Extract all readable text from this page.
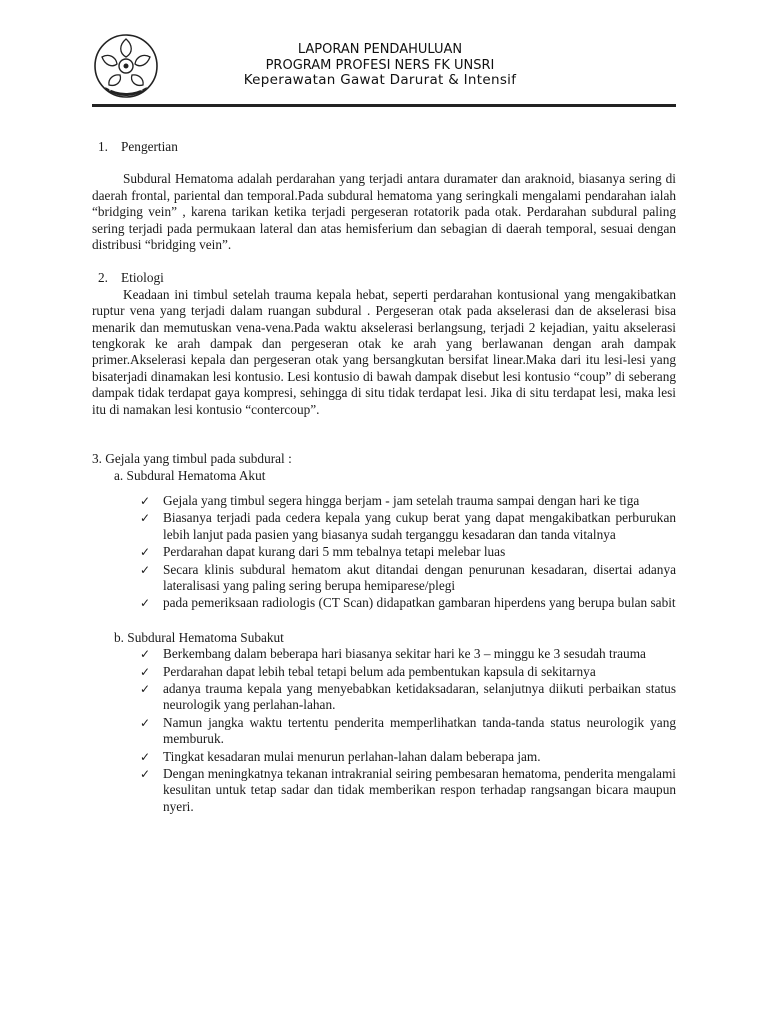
LAPORAN PENDAHULUAN
PROGRAM PROFESI NERS FK UNSRI
Keperawatan Gawat Darurat & Intensif
1. Pengertian

Subdural Hematoma adalah perdarahan yang terjadi antara duramater dan araknoid, biasanya sering di daerah frontal, pariental dan temporal.Pada subdural hematoma yang seringkali mengalami pendarahan ialah “bridging vein” , karena tarikan ketika terjadi pergeseran rotatorik pada otak. Perdarahan subdural paling sering terjadi pada permukaan lateral dan atas hemisferium dan sebagian di daerah temporal, sesuai dengan distribusi “bridging vein”.

2. Etiologi

Keadaan ini timbul setelah trauma kepala hebat, seperti perdarahan kontusional yang mengakibatkan ruptur vena yang terjadi dalam ruangan subdural . Pergeseran otak pada akselerasi dan de akselerasi bisa menarik dan memutuskan vena-vena.Pada waktu akselerasi berlangsung, terjadi 2 kejadian, yaitu akselerasi tengkorak ke arah dampak dan pergeseran otak ke arah yang berlawanan dengan arah dampak primer.Akselerasi kepala dan pergeseran otak yang bersangkutan bersifat linear.Maka dari itu lesi-lesi yang bisaterjadi dinamakan lesi kontusio. Lesi kontusio di bawah dampak disebut lesi kontusio “coup” di seberang dampak tidak terdapat gaya kompresi, sehingga di situ tidak terdapat lesi. Jika di situ terdapat lesi, maka lesi itu di namakan lesi kontusio “contercoup”.

3. Gejala yang timbul pada subdural :
a. Subdural Hematoma Akut
✓ Gejala yang timbul segera hingga berjam - jam setelah trauma sampai dengan hari ke tiga
✓ Biasanya terjadi pada cedera kepala yang cukup berat yang dapat mengakibatkan perburukan lebih lanjut pada pasien yang biasanya sudah terganggu kesadaran dan tanda vitalnya
✓ Perdarahan dapat kurang dari 5 mm tebalnya tetapi melebar luas
✓ Secara klinis subdural hematom akut ditandai dengan penurunan kesadaran, disertai adanya lateralisasi yang paling sering berupa hemiparese/plegi
✓ pada pemeriksaan radiologis (CT Scan) didapatkan gambaran hiperdens yang berupa bulan sabit
b. Subdural Hematoma Subakut
✓ Berkembang dalam beberapa hari biasanya sekitar hari ke 3 – minggu ke 3 sesudah trauma
✓ Perdarahan dapat lebih tebal tetapi belum ada pembentukan kapsula di sekitarnya
✓ adanya trauma kepala yang menyebabkan ketidaksadaran, selanjutnya diikuti perbaikan status neurologik yang perlahan-lahan.
✓ Namun jangka waktu tertentu penderita memperlihatkan tanda-tanda status neurologik yang memburuk.
✓ Tingkat kesadaran mulai menurun perlahan-lahan dalam beberapa jam.
✓ Dengan meningkatnya tekanan intrakranial seiring pembesaran hematoma, penderita mengalami kesulitan untuk tetap sadar dan tidak memberikan respon terhadap rangsangan bicara maupun nyeri.
